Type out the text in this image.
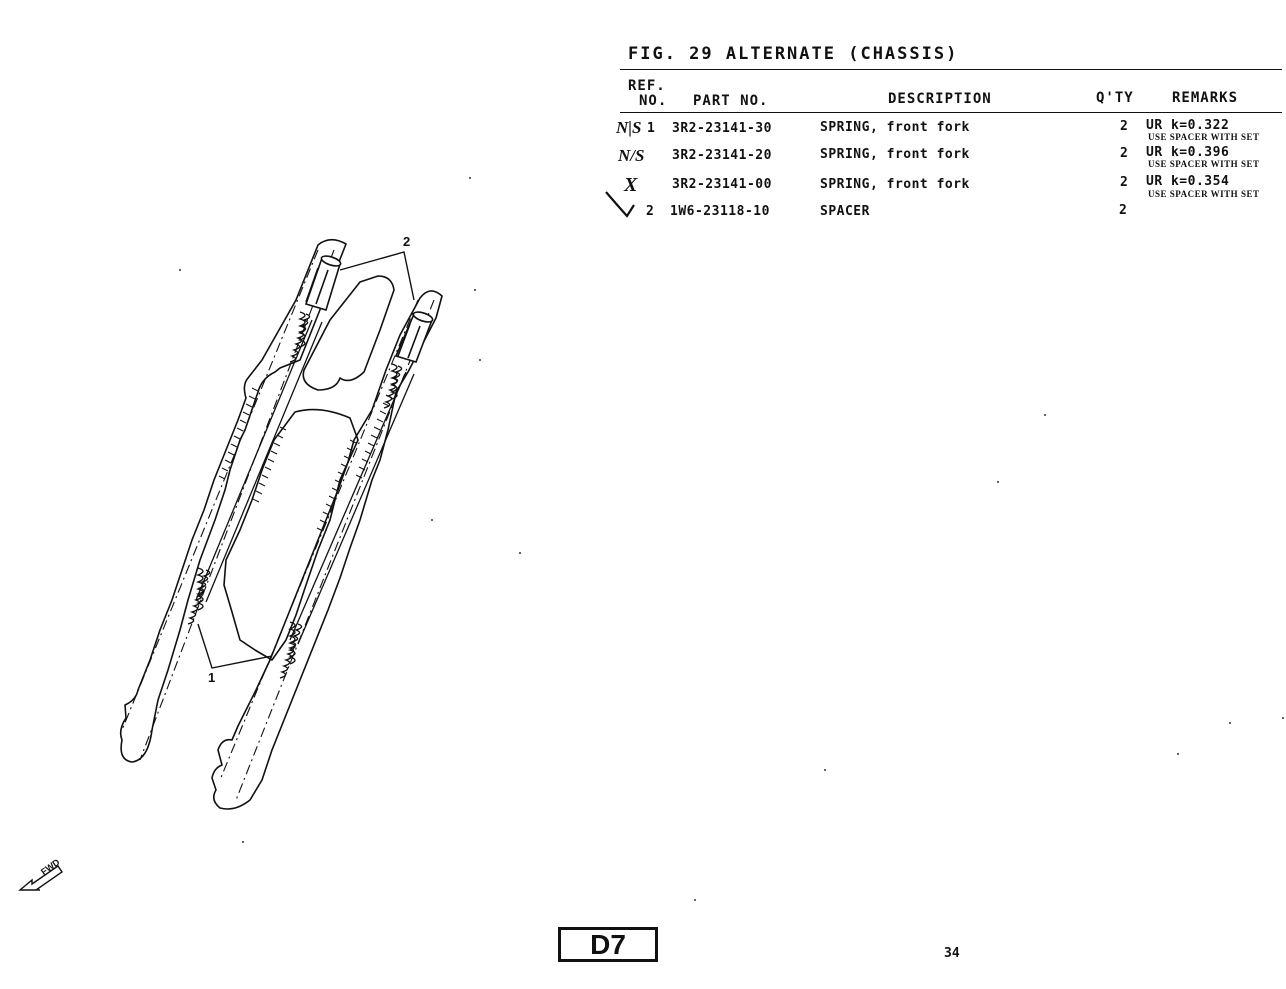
FIG. 29 ALTERNATE (CHASSIS)
REF.
NO. PART NO.	DESCRIPTION	Q'TY	REMARKS
N|S 1 3R2-23141-30	SPRING, front fork	2 UR k=0.322
USE SPACER WITH SET
N/S 3R2-23141-20	SPRING, front fork	2 UR k=0.396
USE SPACER WITH SET
X	3R2-23141-00	SPRING, front fork	2 UR k=0.354
USE SPACER WITH SET
2 1W6-23118-10	SPACER	2
2
1
FWD
D7	34
